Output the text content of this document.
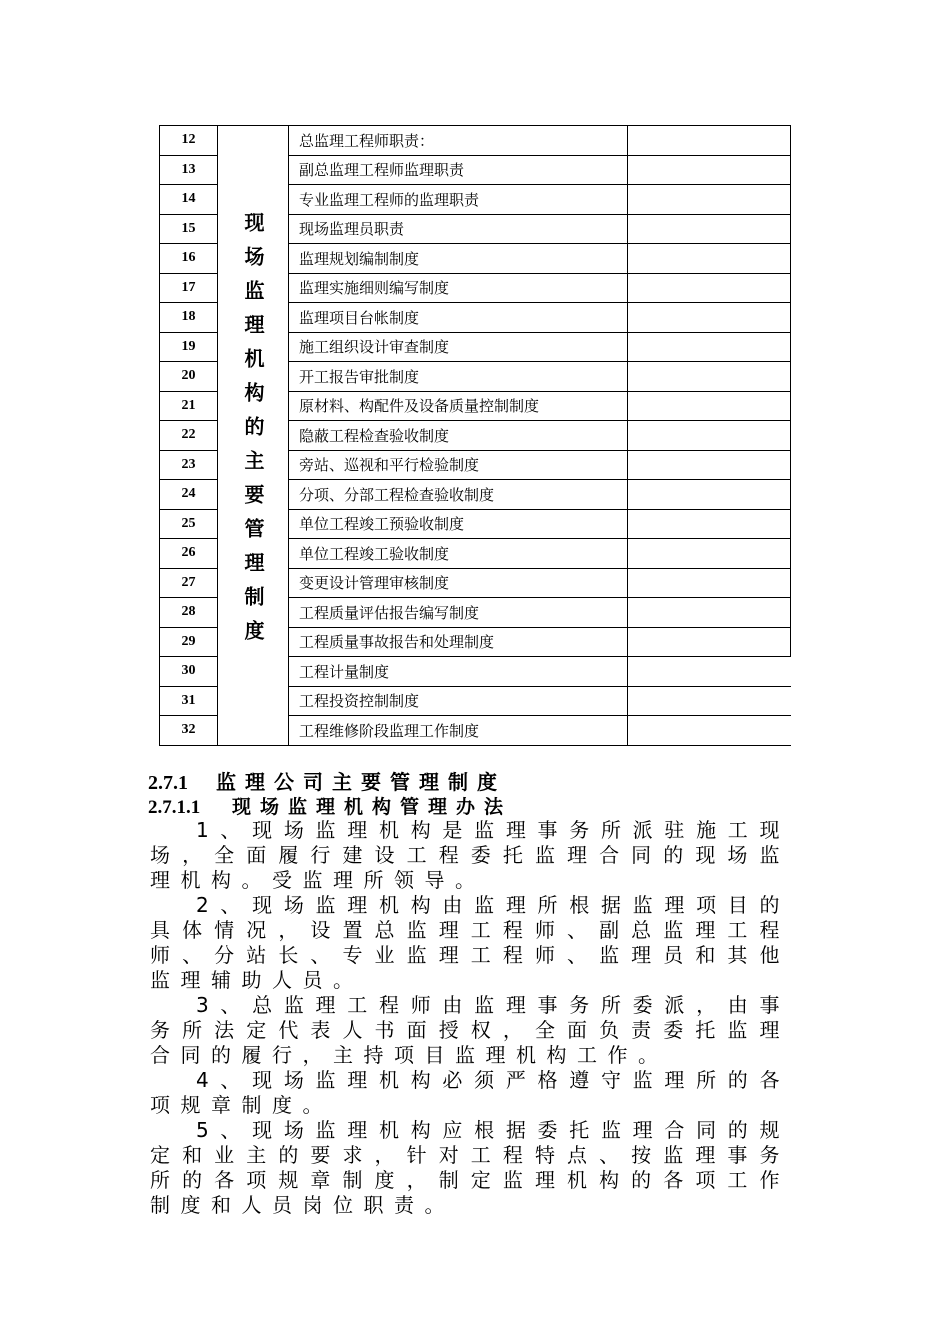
12	现场监理机构的主要管理制度	总监理工程师职责：	
13		副总监理工程师监理职责	
14		专业监理工程师的监理职责	
15		现场监理员职责	
16		监理规划编制制度	
17		监理实施细则编写制度	
18		监理项目台帐制度	
19		施工组织设计审查制度	
20		开工报告审批制度	
21		原材料、构配件及设备质量控制制度	
22		隐蔽工程检查验收制度	
23		旁站、巡视和平行检验制度	
24		分项、分部工程检查验收制度	
25		单位工程竣工预验收制度	
26		单位工程竣工验收制度	
27		变更设计管理审核制度	
28		工程质量评估报告编写制度	
29		工程质量事故报告和处理制度	
30		工程计量制度	
31		工程投资控制制度	
32		工程维修阶段监理工作制度	
2.7.1 监理公司主要管理制度
2.7.1.1 现场监理机构管理办法

1、现场监理机构是监理事务所派驻施工现场，全面履行建设工程委托监理合同的现场监理机构。受监理所领导。

2、现场监理机构由监理所根据监理项目的具体情况，设置总监理工程师、副总监理工程师、分站长、专业监理工程师、监理员和其他监理辅助人员。

3、总监理工程师由监理事务所委派，由事务所法定代表人书面授权，全面负责委托监理合同的履行，主持项目监理机构工作。

4、现场监理机构必须严格遵守监理所的各项规章制度。

5、现场监理机构应根据委托监理合同的规定和业主的要求，针对工程特点、按监理事务所的各项规章制度，制定监理机构的各项工作制度和人员岗位职责。
